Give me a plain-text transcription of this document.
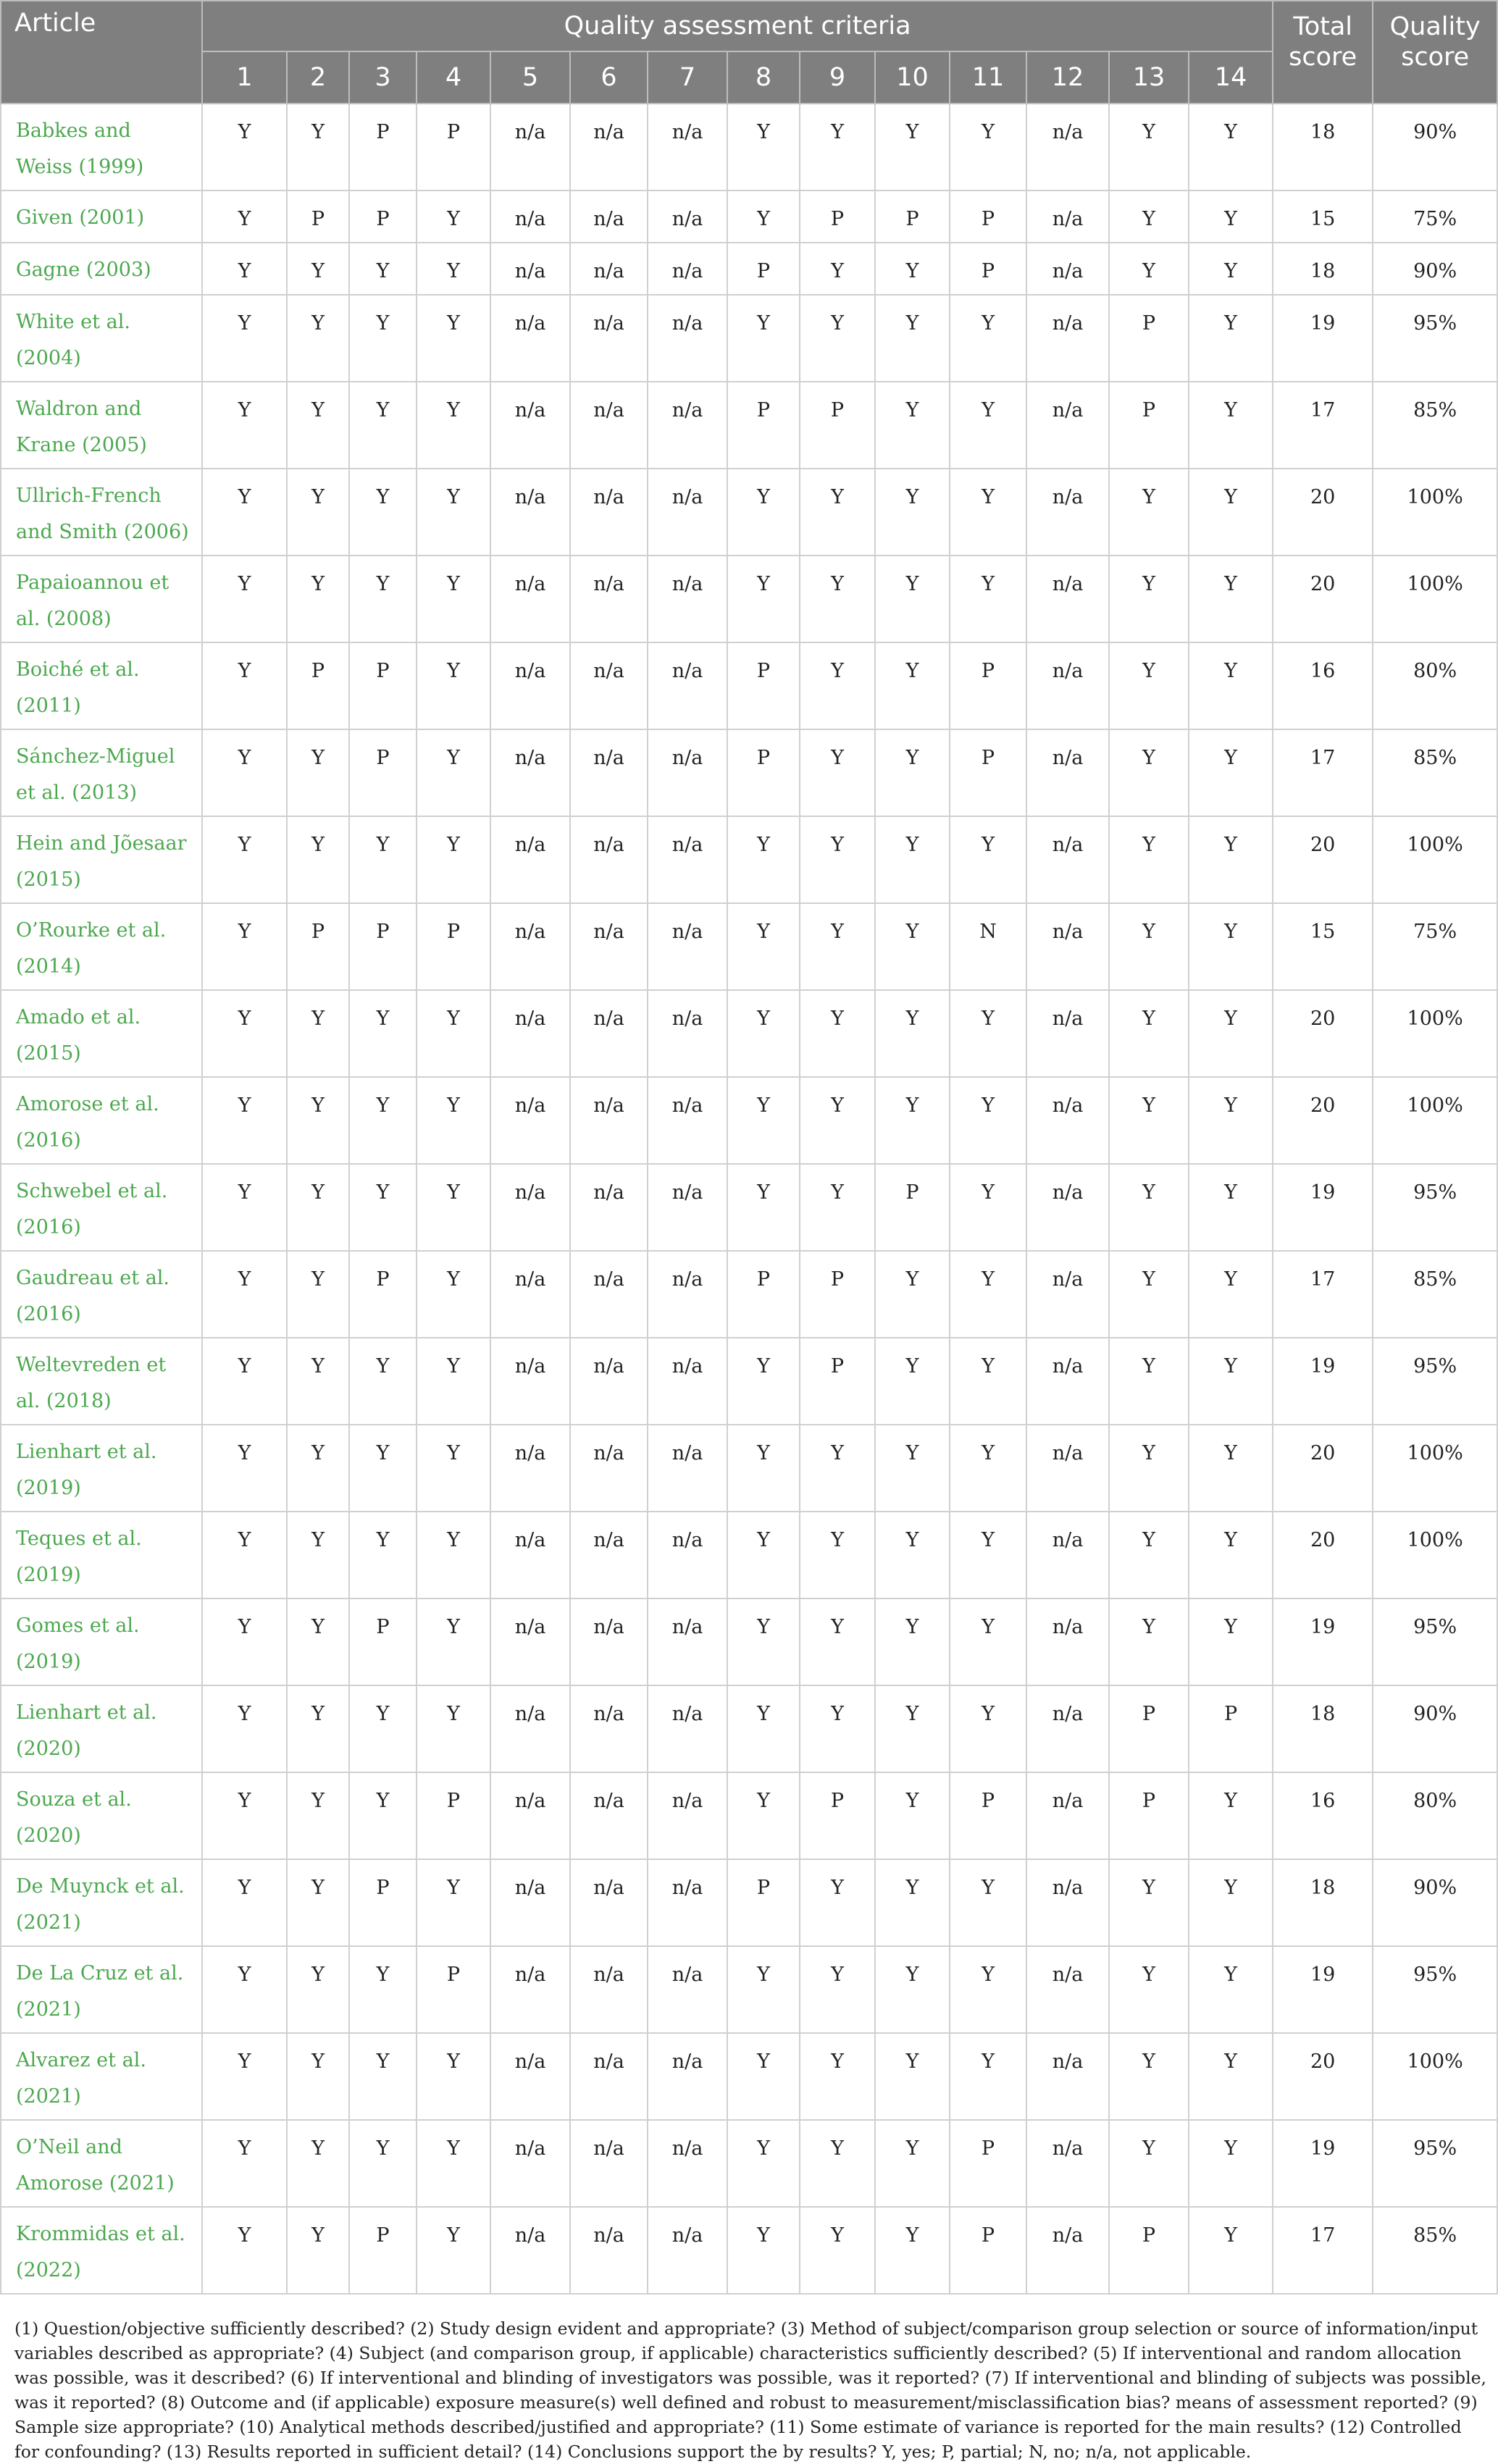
Article	Quality assessment criteria														Total score	Quality score
	1	2	3	4	5	6	7	8	9	10	11	12	13	14		
Babkes and Weiss (1999)	Y	Y	P	P	n/a	n/a	n/a	Y	Y	Y	Y	n/a	Y	Y	18	90%
Given (2001)	Y	P	P	Y	n/a	n/a	n/a	Y	P	P	P	n/a	Y	Y	15	75%
Gagne (2003)	Y	Y	Y	Y	n/a	n/a	n/a	P	Y	Y	P	n/a	Y	Y	18	90%
White et al. (2004)	Y	Y	Y	Y	n/a	n/a	n/a	Y	Y	Y	Y	n/a	P	Y	19	95%
Waldron and Krane (2005)	Y	Y	Y	Y	n/a	n/a	n/a	P	P	Y	Y	n/a	P	Y	17	85%
Ullrich-French and Smith (2006)	Y	Y	Y	Y	n/a	n/a	n/a	Y	Y	Y	Y	n/a	Y	Y	20	100%
Papaioannou et al. (2008)	Y	Y	Y	Y	n/a	n/a	n/a	Y	Y	Y	Y	n/a	Y	Y	20	100%
Boiché et al. (2011)	Y	P	P	Y	n/a	n/a	n/a	P	Y	Y	P	n/a	Y	Y	16	80%
Sánchez-Miguel et al. (2013)	Y	Y	P	Y	n/a	n/a	n/a	P	Y	Y	P	n/a	Y	Y	17	85%
Hein and Jõesaar (2015)	Y	Y	Y	Y	n/a	n/a	n/a	Y	Y	Y	Y	n/a	Y	Y	20	100%
O’Rourke et al. (2014)	Y	P	P	P	n/a	n/a	n/a	Y	Y	Y	N	n/a	Y	Y	15	75%
Amado et al. (2015)	Y	Y	Y	Y	n/a	n/a	n/a	Y	Y	Y	Y	n/a	Y	Y	20	100%
Amorose et al. (2016)	Y	Y	Y	Y	n/a	n/a	n/a	Y	Y	Y	Y	n/a	Y	Y	20	100%
Schwebel et al. (2016)	Y	Y	Y	Y	n/a	n/a	n/a	Y	Y	P	Y	n/a	Y	Y	19	95%
Gaudreau et al. (2016)	Y	Y	P	Y	n/a	n/a	n/a	P	P	Y	Y	n/a	Y	Y	17	85%
Weltevreden et al. (2018)	Y	Y	Y	Y	n/a	n/a	n/a	Y	P	Y	Y	n/a	Y	Y	19	95%
Lienhart et al. (2019)	Y	Y	Y	Y	n/a	n/a	n/a	Y	Y	Y	Y	n/a	Y	Y	20	100%
Teques et al. (2019)	Y	Y	Y	Y	n/a	n/a	n/a	Y	Y	Y	Y	n/a	Y	Y	20	100%
Gomes et al. (2019)	Y	Y	P	Y	n/a	n/a	n/a	Y	Y	Y	Y	n/a	Y	Y	19	95%
Lienhart et al. (2020)	Y	Y	Y	Y	n/a	n/a	n/a	Y	Y	Y	Y	n/a	P	P	18	90%
Souza et al. (2020)	Y	Y	Y	P	n/a	n/a	n/a	Y	P	Y	P	n/a	P	Y	16	80%
De Muynck et al. (2021)	Y	Y	P	Y	n/a	n/a	n/a	P	Y	Y	Y	n/a	Y	Y	18	90%
De La Cruz et al. (2021)	Y	Y	Y	P	n/a	n/a	n/a	Y	Y	Y	Y	n/a	Y	Y	19	95%
Alvarez et al. (2021)	Y	Y	Y	Y	n/a	n/a	n/a	Y	Y	Y	Y	n/a	Y	Y	20	100%
O’Neil and Amorose (2021)	Y	Y	Y	Y	n/a	n/a	n/a	Y	Y	Y	P	n/a	Y	Y	19	95%
Krommidas et al. (2022)	Y	Y	P	Y	n/a	n/a	n/a	Y	Y	Y	P	n/a	P	Y	17	85%
(1) Question/objective sufficiently described? (2) Study design evident and appropriate? (3) Method of subject/comparison group selection or source of information/input variables described as appropriate? (4) Subject (and comparison group, if applicable) characteristics sufficiently described? (5) If interventional and random allocation was possible, was it described? (6) If interventional and blinding of investigators was possible, was it reported? (7) If interventional and blinding of subjects was possible, was it reported? (8) Outcome and (if applicable) exposure measure(s) well defined and robust to measurement/misclassification bias? means of assessment reported? (9) Sample size appropriate? (10) Analytical methods described/justified and appropriate? (11) Some estimate of variance is reported for the main results? (12) Controlled for confounding? (13) Results reported in sufficient detail? (14) Conclusions support the by results? Y, yes; P, partial; N, no; n/a, not applicable.
